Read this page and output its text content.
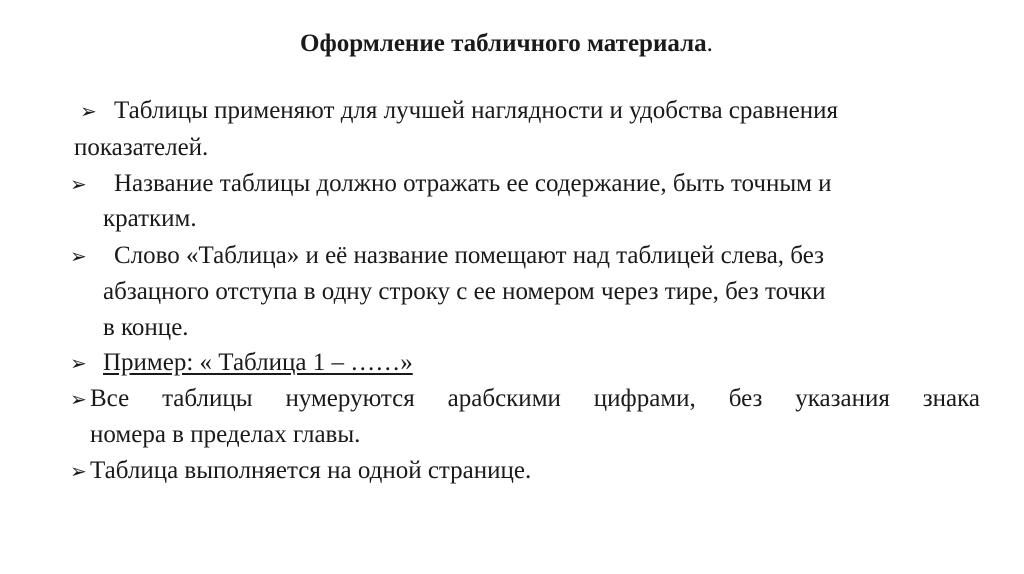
Оформление табличного материала.
➢ Таблицы применяют для лучшей наглядности и удобства сравнения
показателей.
➢ Название таблицы должно отражать ее содержание, быть точным и
кратким.
➢ Слово «Таблица» и её название помещают над таблицей слева, без
абзацного отступа в одну строку с ее номером через тире, без точки
в конце.
➢ Пример: « Таблица 1 – ……»
➢ Все таблицы нумеруются арабскими цифрами, без указания знака
номера в пределах главы.
➢ Таблица выполняется на одной странице.
